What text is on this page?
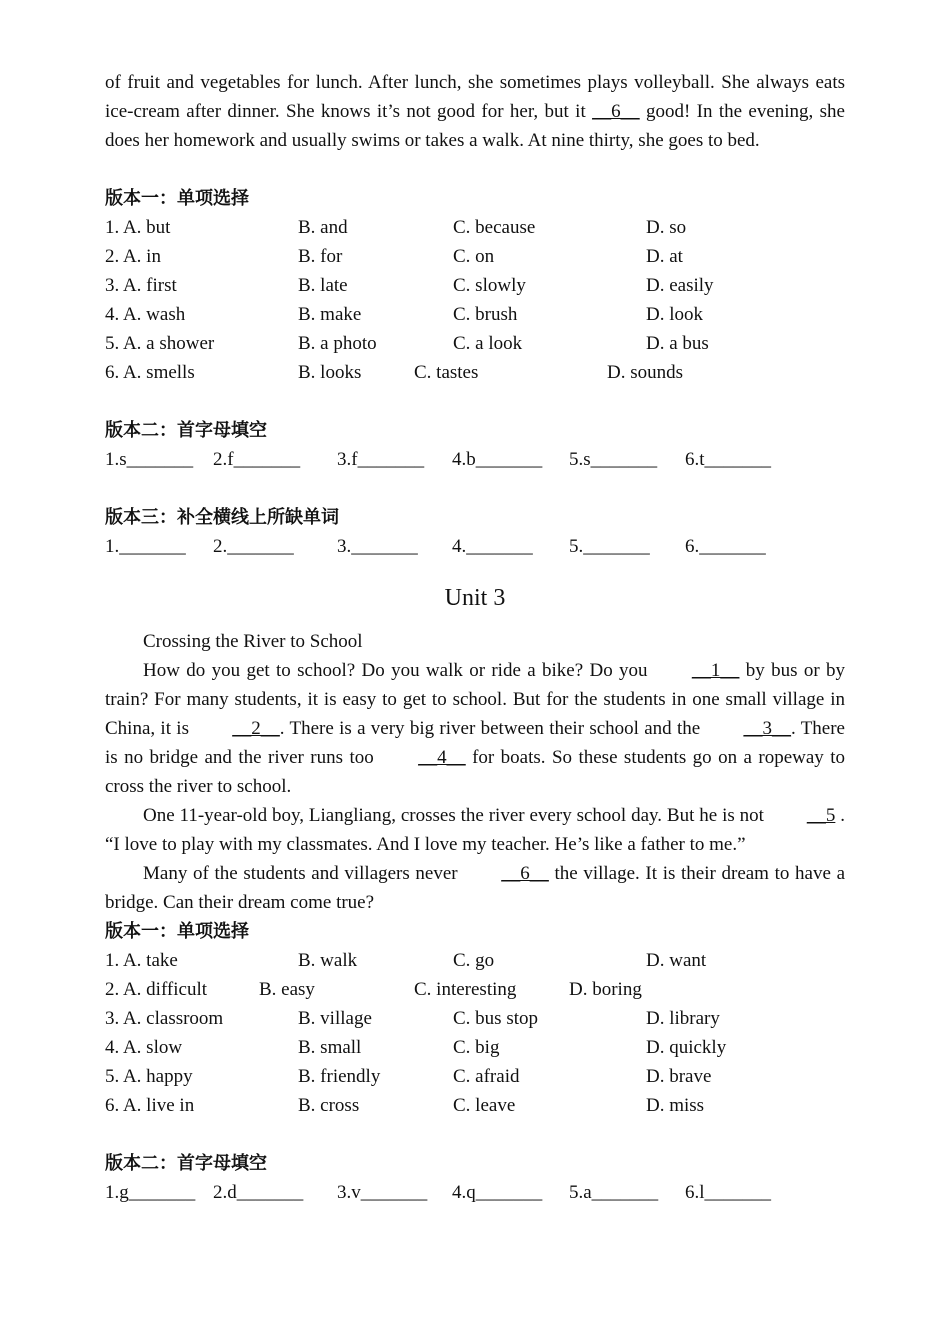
of fruit and vegetables for lunch. After lunch, she sometimes plays volleyball. She always eats ice-cream after dinner. She knows it’s not good for her, but it __6__ good! In the evening, she does her homework and usually swims or takes a walk. At nine thirty, she goes to bed.

版本一：单项选择
1. A. but	B. and	C. because	D. so
2. A. in	B. for	C. on	D. at
3. A. first	B. late	C. slowly	D. easily
4. A. wash	B. make	C. brush	D. look
5. A. a shower	B. a photo	C. a look	D. a bus
6. A. smells	B. looks	C. tastes	D. sounds
版本二：首字母填空
1.s_______ 2.f_______ 3.f_______ 4.b_______ 5.s_______ 6.t_______
版本三：补全横线上所缺单词
1._______ 2._______ 3._______ 4._______ 5._______ 6._______
Unit 3

Crossing the River to School

How do you get to school? Do you walk or ride a bike? Do you __1__ by bus or by train? For many students, it is easy to get to school. But for the students in one small village in China, it is __2__. There is a very big river between their school and the __3__. There is no bridge and the river runs too __4__ for boats. So these students go on a ropeway to cross the river to school.

One 11-year-old boy, Liangliang, crosses the river every school day. But he is not __5 . “I love to play with my classmates. And I love my teacher. He’s like a father to me.”

Many of the students and villagers never __6__ the village. It is their dream to have a bridge. Can their dream come true?

版本一：单项选择
1. A. take	B. walk	C. go	D. want
2. A. difficult	B. easy	C. interesting	D. boring
3. A. classroom	B. village	C. bus stop	D. library
4. A. slow	B. small	C. big	D. quickly
5. A. happy	B. friendly	C. afraid	D. brave
6. A. live in	B. cross	C. leave	D. miss
版本二：首字母填空
1.g_______ 2.d_______ 3.v_______ 4.q_______ 5.a_______ 6.l_______
